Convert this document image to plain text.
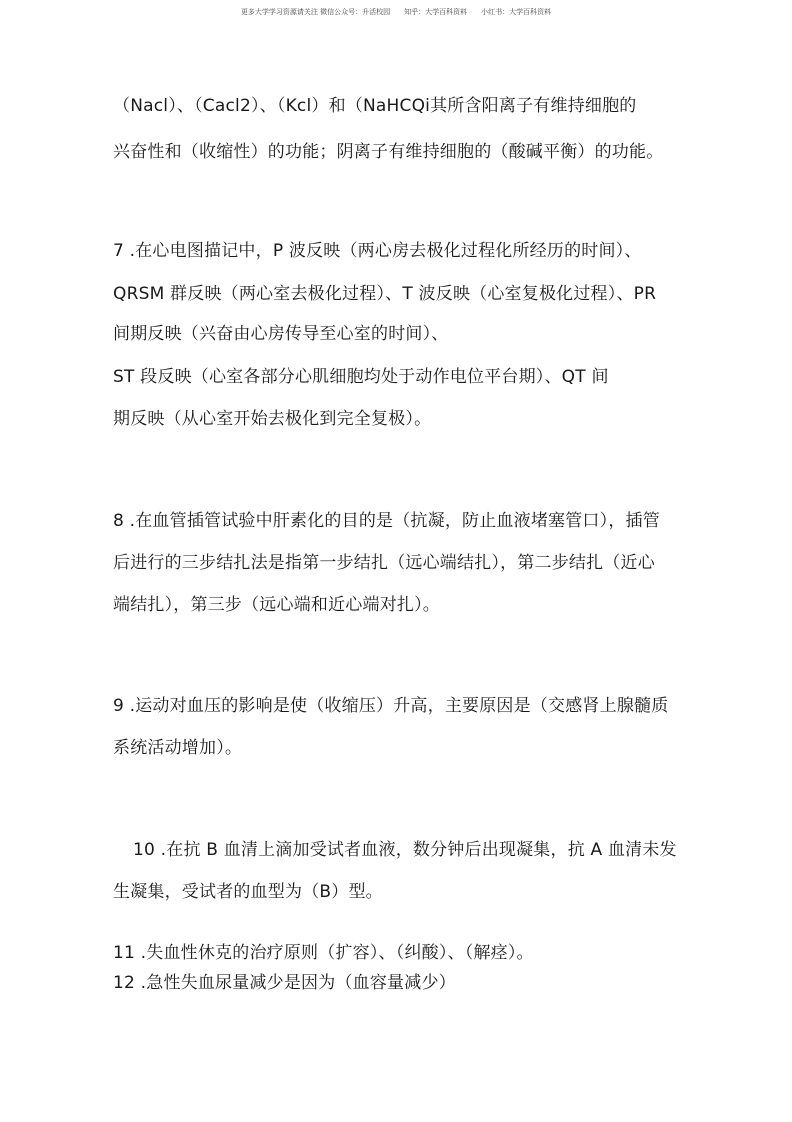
更多大学学习资源请关注 微信公众号：升活校园　　知乎：大学百科资料　　小红书：大学百科资料
（Nacl）、（Cacl2）、（Kcl）和（NaHCQi其所含阳离子有维持细胞的
兴奋性和（收缩性）的功能；阴离子有维持细胞的（酸碱平衡）的功能。
7 .在心电图描记中，P 波反映（两心房去极化过程化所经历的时间）、
QRSM 群反映（两心室去极化过程）、T 波反映（心室复极化过程）、PR
间期反映（兴奋由心房传导至心室的时间）、
ST 段反映（心室各部分心肌细胞均处于动作电位平台期）、QT 间
期反映（从心室开始去极化到完全复极）。
8 .在血管插管试验中肝素化的目的是（抗凝，防止血液堵塞管口），插管
后进行的三步结扎法是指第一步结扎（远心端结扎），第二步结扎（近心
端结扎），第三步（远心端和近心端对扎）。
9 .运动对血压的影响是使（收缩压）升高，主要原因是（交感肾上腺髓质
系统活动增加）。
10 .在抗 B 血清上滴加受试者血液，数分钟后出现凝集，抗 A 血清未发
生凝集，受试者的血型为（B）型。
11 .失血性休克的治疗原则（扩容）、（纠酸）、（解痉）。
12 .急性失血尿量减少是因为（血容量减少）
